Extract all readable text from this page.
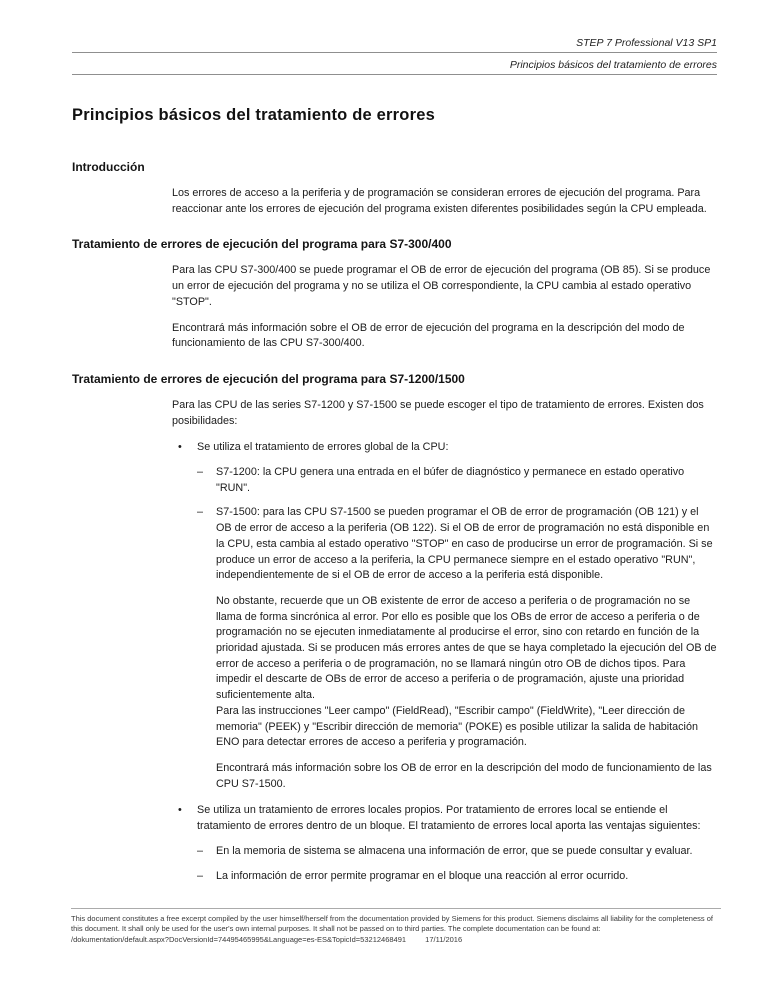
STEP 7 Professional V13 SP1
Principios básicos del tratamiento de errores
Principios básicos del tratamiento de errores
Introducción

Los errores de acceso a la periferia y de programación se consideran errores de ejecución del programa. Para reaccionar ante los errores de ejecución del programa existen diferentes posibilidades según la CPU empleada.

Tratamiento de errores de ejecución del programa para S7-300/400

Para las CPU S7-300/400 se puede programar el OB de error de ejecución del programa (OB 85). Si se produce un error de ejecución del programa y no se utiliza el OB correspondiente, la CPU cambia al estado operativo "STOP".

Encontrará más información sobre el OB de error de ejecución del programa en la descripción del modo de funcionamiento de las CPU S7-300/400.

Tratamiento de errores de ejecución del programa para S7-1200/1500

Para las CPU de las series S7-1200 y S7-1500 se puede escoger el tipo de tratamiento de errores. Existen dos posibilidades:

•	Se utiliza el tratamiento de errores global de la CPU:

–	S7-1200: la CPU genera una entrada en el búfer de diagnóstico y permanece en estado operativo "RUN".

–	S7-1500: para las CPU S7-1500 se pueden programar el OB de error de programación (OB 121) y el OB de error de acceso a la periferia (OB 122). Si el OB de error de programación no está disponible en la CPU, esta cambia al estado operativo "STOP" en caso de producirse un error de programación. Si se produce un error de acceso a la periferia, la CPU permanece siempre en el estado operativo "RUN", independientemente de si el OB de error de acceso a la periferia está disponible.

No obstante, recuerde que un OB existente de error de acceso a periferia o de programación no se llama de forma sincrónica al error. Por ello es posible que los OBs de error de acceso a periferia o de programación no se ejecuten inmediatamente al producirse el error, sino con retardo en función de la prioridad ajustada. Si se producen más errores antes de que se haya completado la ejecución del OB de error de acceso a periferia o de programación, no se llamará ningún otro OB de dichos tipos. Para impedir el descarte de OBs de error de acceso a periferia o de programación, ajuste una prioridad suficientemente alta.

Para las instrucciones "Leer campo" (FieldRead), "Escribir campo" (FieldWrite), "Leer dirección de memoria" (PEEK) y "Escribir dirección de memoria" (POKE) es posible utilizar la salida de habitación ENO para detectar errores de acceso a periferia y programación.

Encontrará más información sobre los OB de error en la descripción del modo de funcionamiento de las CPU S7-1500.

•	Se utiliza un tratamiento de errores locales propios. Por tratamiento de errores local se entiende el tratamiento de errores dentro de un bloque. El tratamiento de errores local aporta las ventajas siguientes:

–	En la memoria de sistema se almacena una información de error, que se puede consultar y evaluar.

–	La información de error permite programar en el bloque una reacción al error ocurrido.

This document constitutes a free excerpt compiled by the user himself/herself from the documentation provided by Siemens for this product. Siemens disclaims all liability for the completeness of this document. It shall only be used for the user's own internal purposes. It shall not be passed on to third parties. The complete documentation can be found at:

/dokumentation/default.aspx?DocVersionId=74495465995&Language=es-ES&TopicId=53212468491	17/11/2016
